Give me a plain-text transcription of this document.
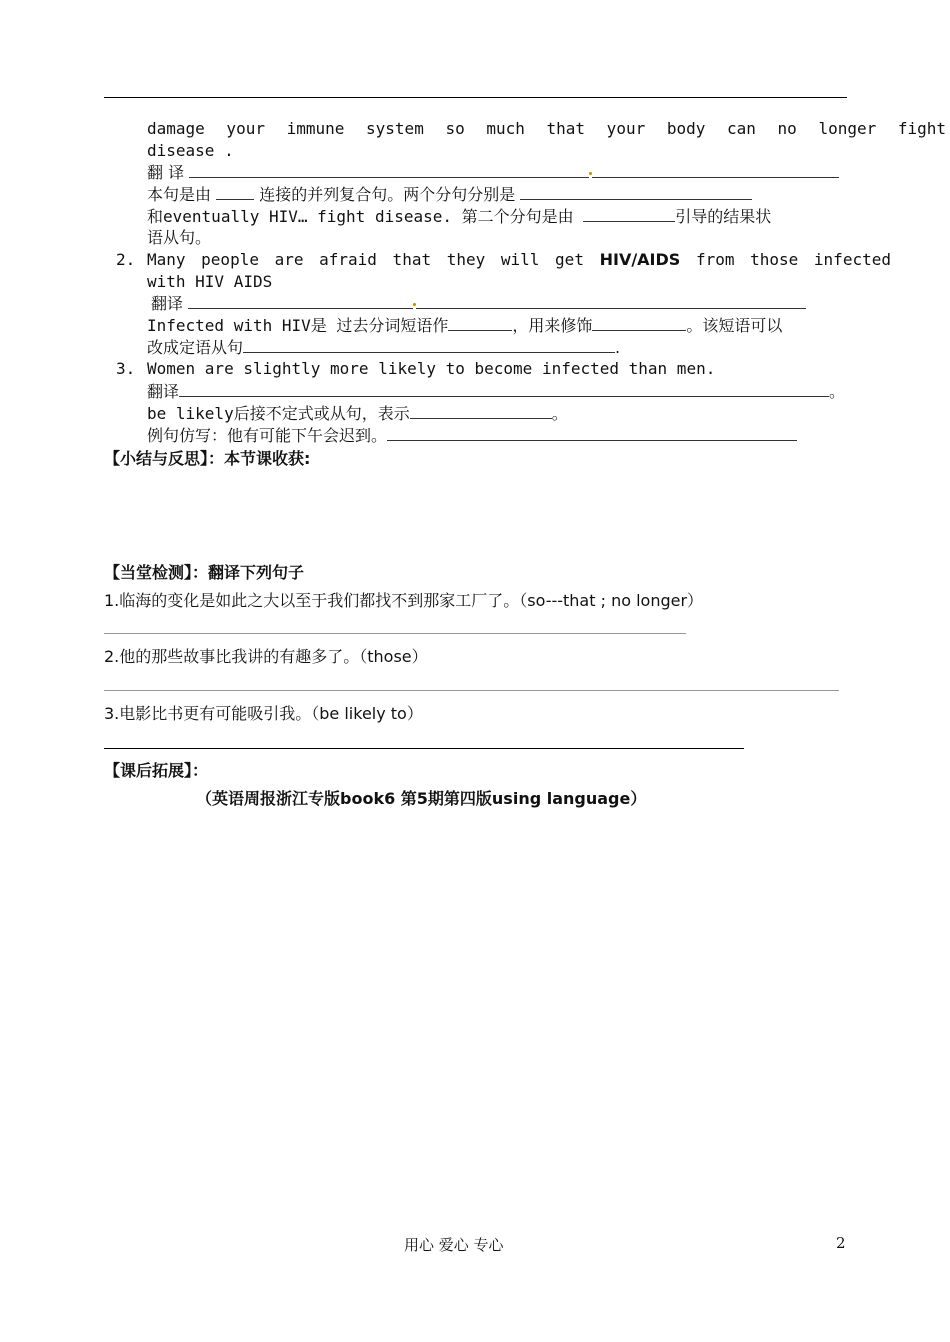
damage your immune system so much that your body can no longer fight
disease .
翻 译
本句是由	连接的并列复合句。两个分句分别是
和eventually HIV… fight disease. 第二个分句是由	引导的结果状
语从句。
2. Many people are afraid that they will get HIV/AIDS from those infected
with HIV AIDS
翻译
Infected with HIV是 过去分词短语作	，用来修饰	。该短语可以
改成定语从句	.
3. Women are slightly more likely to become infected than men.
翻译	。
be likely后接不定式或从句，表示	。
例句仿写：他有可能下午会迟到。
【小结与反思】：本节课收获:
【当堂检测】：翻译下列句子
1.临海的变化是如此之大以至于我们都找不到那家工厂了。（so---that ; no longer）
2.他的那些故事比我讲的有趣多了。（those）
3.电影比书更有可能吸引我。（be likely to）
【课后拓展】：
（英语周报浙江专版book6 第5期第四版using language）
用心 爱心 专心	2
